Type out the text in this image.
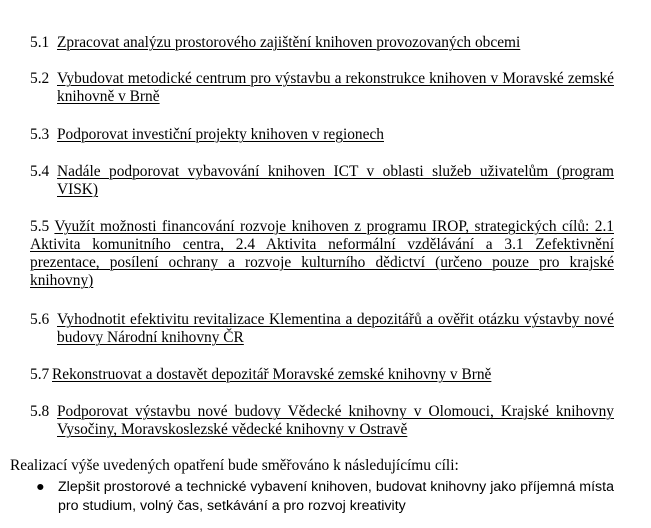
5.1 Zpracovat analýzu prostorového zajištění knihoven provozovaných obcemi
5.2 Vybudovat metodické centrum pro výstavbu a rekonstrukce knihoven v Moravské zemské knihovně v Brně
5.3 Podporovat investiční projekty knihoven v regionech
5.4 Nadále podporovat vybavování knihoven ICT v oblasti služeb uživatelům (program VISK)
5.5 Využít možnosti financování rozvoje knihoven z programu IROP, strategických cílů: 2.1 Aktivita komunitního centra, 2.4 Aktivita neformální vzdělávání a 3.1 Zefektivnění prezentace, posílení ochrany a rozvoje kulturního dědictví (určeno pouze pro krajské knihovny)
5.6 Vyhodnotit efektivitu revitalizace Klementina a depozitářů a ověřit otázku výstavby nové budovy Národní knihovny ČR
5.7 Rekonstruovat a dostavět depozitář Moravské zemské knihovny v Brně
5.8 Podporovat výstavbu nové budovy Vědecké knihovny v Olomouci, Krajské knihovny Vysočiny, Moravskoslezské vědecké knihovny v Ostravě
Realizací výše uvedených opatření bude směřováno k následujícímu cíli:
● Zlepšit prostorové a technické vybavení knihoven, budovat knihovny jako příjemná místa pro studium, volný čas, setkávání a pro rozvoj kreativity
